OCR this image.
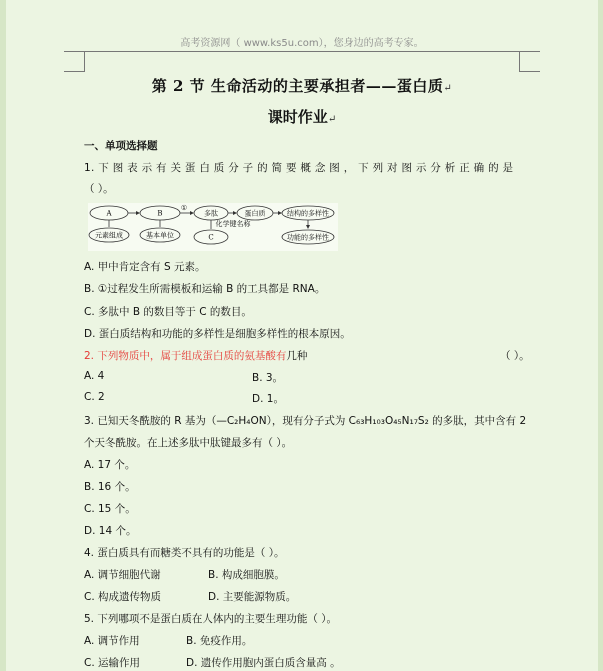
高考资源网（ www.ks5u.com），您身边的高考专家。
第 2 节 生命活动的主要承担者——蛋白质↵
课时作业↵
一、单项选择题
1. 下 图 表 示 有 关 蛋 白 质 分 子 的 简 要 概 念 图 ， 下 列 对 图 示 分 析 正 确 的 是
（ ）。
A	B	多肽	蛋白质	结构的多样性
①
元素组成	基本单位
化学键名称
C	功能的多样性
A. 甲中肯定含有 S 元素。
B. ①过程发生所需模板和运输 B 的工具都是 RNA。
C. 多肽中 B 的数目等于 C 的数目。
D. 蛋白质结构和功能的多样性是细胞多样性的根本原因。
2. 下列物质中，属于组成蛋白质的氨基酸有几种	（ ）。
A. 4	B. 3。
C. 2	D. 1。
3. 已知天冬酰胺的 R 基为（—C₂H₄ON），现有分子式为 C₆₃H₁₀₃O₄₅N₁₇S₂ 的多肽，其中含有 2
个天冬酰胺。在上述多肽中肽键最多有（ ）。
A. 17 个。
B. 16 个。
C. 15 个。
D. 14 个。
4. 蛋白质具有而糖类不具有的功能是（ ）。
A. 调节细胞代谢	B. 构成细胞膜。
C. 构成遗传物质	D. 主要能源物质。
5. 下列哪项不是蛋白质在人体内的主要生理功能（ ）。
A. 调节作用	B. 免疫作用。
C. 运输作用	D. 遗传作用胞内蛋白质含量高 。
